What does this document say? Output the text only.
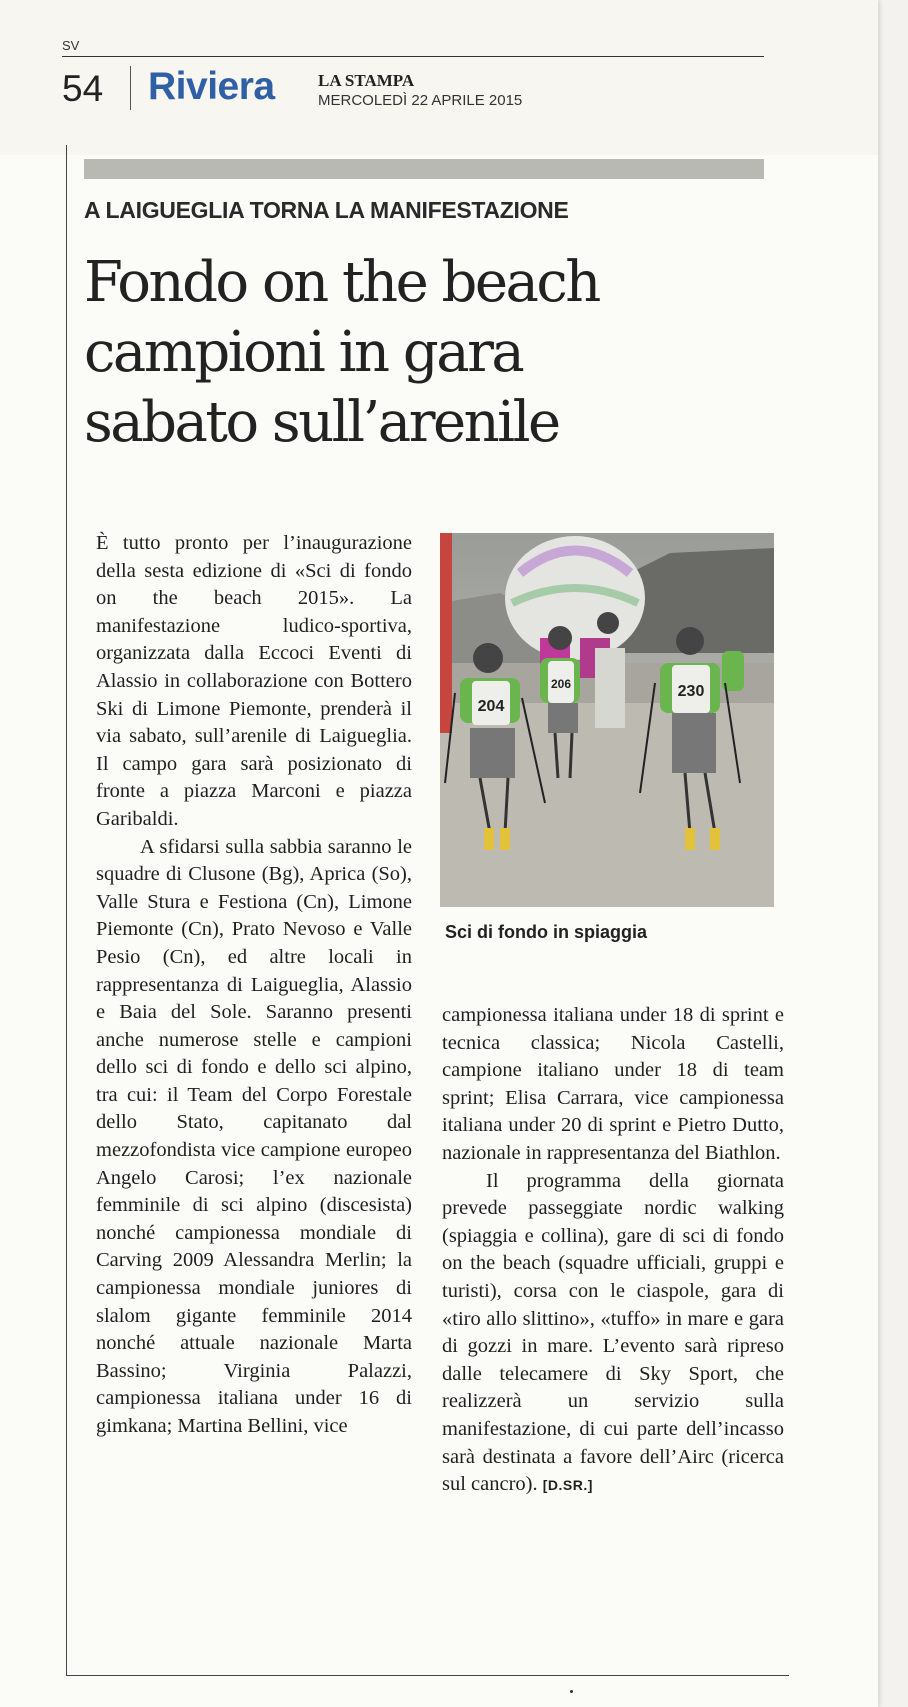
SV
54 Riviera	LA STAMPA
MERCOLEDÌ 22 APRILE 2015
A LAIGUEGLIA TORNA LA MANIFESTAZIONE
Fondo on the beach
campioni in gara
sabato sull’arenile

È tutto pronto per l’inaugurazione della sesta edizione di «Sci di fondo on the beach 2015». La manifestazione ludico-sportiva, organizzata dalla Eccoci Eventi di Alassio in collaborazione con Bottero Ski di Limone Piemonte, prenderà il via sabato, sull’arenile di Laigueglia. Il campo gara sarà posizionato di fronte a piazza Marconi e piazza Garibaldi.

A sfidarsi sulla sabbia saranno le squadre di Clusone (Bg), Aprica (So), Valle Stura e Festiona (Cn), Limone Piemonte (Cn), Prato Nevoso e Valle Pesio (Cn), ed altre locali in rappresentanza di Laigueglia, Alassio e Baia del Sole. Saranno presenti anche numerose stelle e campioni dello sci di fondo e dello sci alpino, tra cui: il Team del Corpo Forestale dello Stato, capitanato dal mezzofondista vice campione europeo Angelo Carosi; l’ex nazionale femminile di sci alpino (discesista) nonché campionessa mondiale di Carving 2009 Alessandra Merlin; la campionessa mondiale juniores di slalom gigante femminile 2014 nonché attuale nazionale Marta Bassino; Virginia Palazzi, campionessa italiana under 16 di gimkana; Martina Bellini, vice

204
206	230
Sci di fondo in spiaggia

campionessa italiana under 18 di sprint e tecnica classica; Nicola Castelli, campione italiano under 18 di team sprint; Elisa Carrara, vice campionessa italiana under 20 di sprint e Pietro Dutto, nazionale in rappresentanza del Biathlon.

Il programma della giornata prevede passeggiate nordic walking (spiaggia e collina), gare di sci di fondo on the beach (squadre ufficiali, gruppi e turisti), corsa con le ciaspole, gara di «tiro allo slittino», «tuffo» in mare e gara di gozzi in mare. L’evento sarà ripreso dalle telecamere di Sky Sport, che realizzerà un servizio sulla manifestazione, di cui parte dell’incasso sarà destinata a favore dell’Airc (ricerca sul cancro). [D.SR.]
